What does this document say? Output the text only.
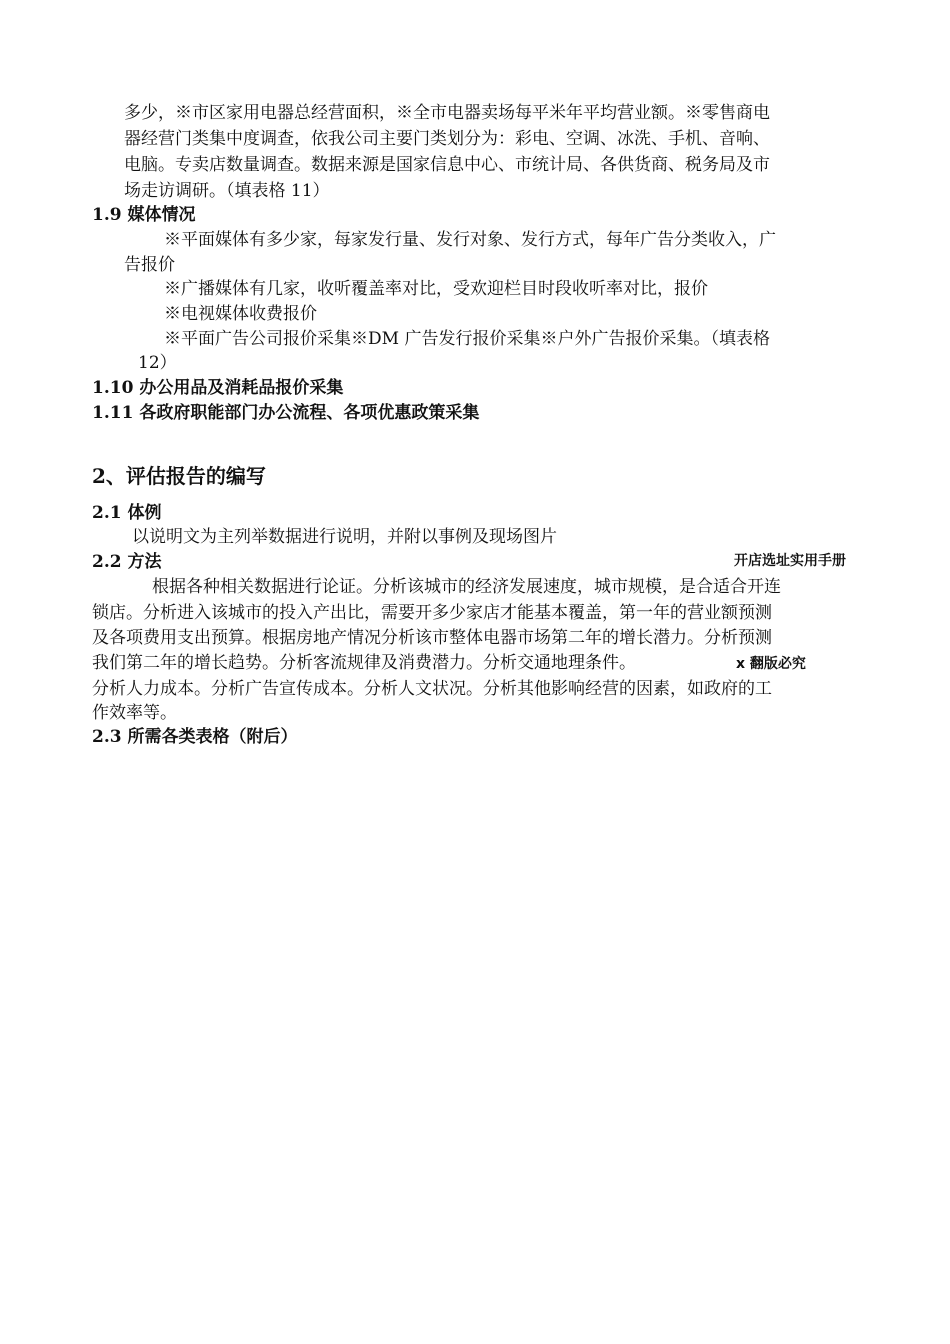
多少，※市区家用电器总经营面积，※全市电器卖场每平米年平均营业额。※零售商电
器经营门类集中度调查，依我公司主要门类划分为：彩电、空调、冰洗、手机、音响、
电脑。专卖店数量调查。数据来源是国家信息中心、市统计局、各供货商、税务局及市
场走访调研。（填表格 11）
1.9 媒体情况
※平面媒体有多少家，每家发行量、发行对象、发行方式，每年广告分类收入，广
告报价
※广播媒体有几家，收听覆盖率对比，受欢迎栏目时段收听率对比，报价
※电视媒体收费报价
※平面广告公司报价采集※DM 广告发行报价采集※户外广告报价采集。（填表格
12）
1.10 办公用品及消耗品报价采集
1.11 各政府职能部门办公流程、各项优惠政策采集
2、评估报告的编写
2.1 体例
以说明文为主列举数据进行说明，并附以事例及现场图片
2.2 方法	开店选址实用手册
根据各种相关数据进行论证。分析该城市的经济发展速度，城市规模，是合适合开连
锁店。分析进入该城市的投入产出比，需要开多少家店才能基本覆盖，第一年的营业额预测
及各项费用支出预算。根据房地产情况分析该市整体电器市场第二年的增长潜力。分析预测
我们第二年的增长趋势。分析客流规律及消费潜力。分析交通地理条件。	x 翻版必究
分析人力成本。分析广告宣传成本。分析人文状况。分析其他影响经营的因素，如政府的工
作效率等。
2.3 所需各类表格（附后）
